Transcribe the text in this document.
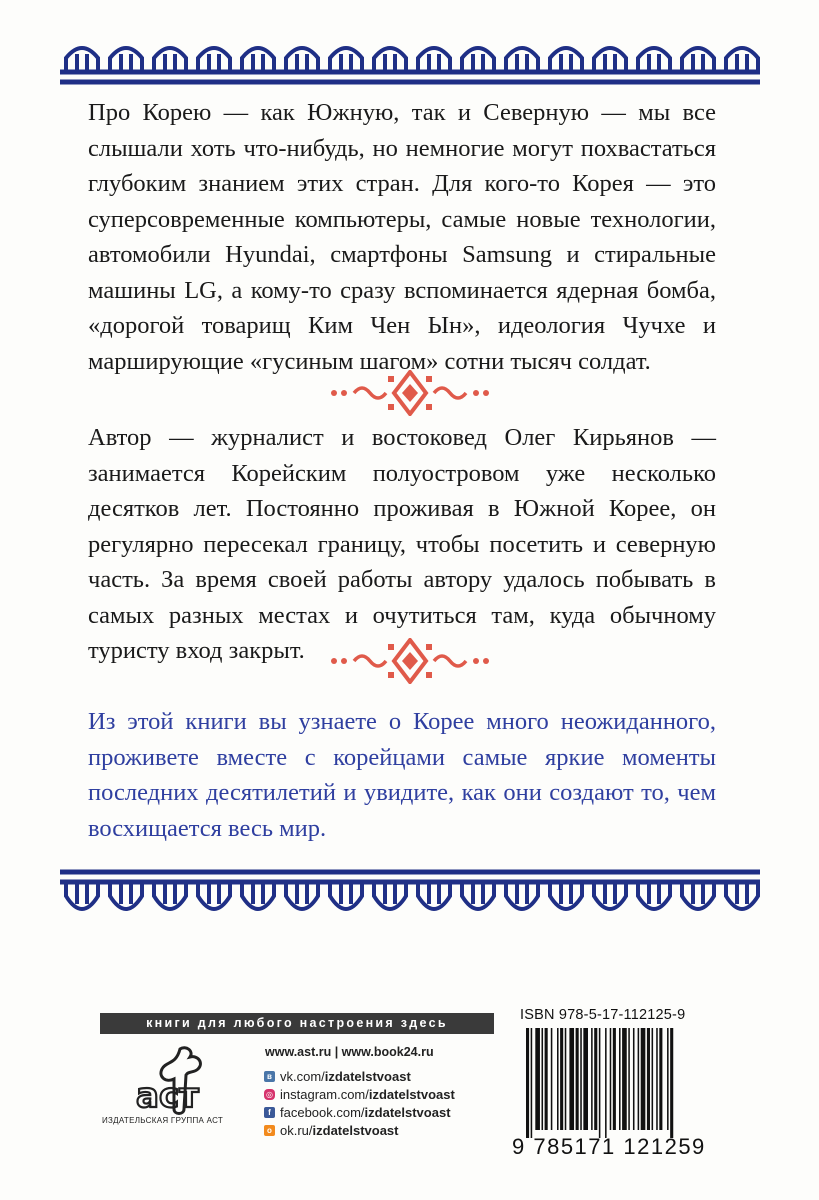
Про Корею — как Южную, так и Северную — мы все слышали хоть что-нибудь, но немногие могут похвастаться глубоким знанием этих стран. Для кого-то Корея — это суперсовременные компьютеры, самые новые технологии, автомобили Hyundai, смартфоны Samsung и стиральные машины LG, а кому-то сразу вспоминается ядерная бомба, «дорогой товарищ Ким Чен Ын», идеология Чучхе и марширующие «гусиным шагом» сотни тысяч солдат.

Автор — журналист и востоковед Олег Кирьянов — занимается Корейским полуостровом уже несколько десятков лет. Постоянно проживая в Южной Корее, он регулярно пересекал границу, чтобы посетить и северную часть. За время своей работы автору удалось побывать в самых разных местах и очутиться там, куда обычному туристу вход закрыт.

Из этой книги вы узнаете о Корее много неожиданного, проживете вместе с корейцами самые яркие моменты последних десятилетий и увидите, как они создают то, чем восхищается весь мир.

книги для любого настроения здесь
аст
ИЗДАТЕЛЬСКАЯ ГРУППА АСТ
www.ast.ru | www.book24.ru
в vk.com/ izdatelstvoast
◎ instagram.com/ izdatelstvoast
f facebook.com/ izdatelstvoast
о ok.ru/ izdatelstvoast
ISBN 978-5-17-112125-9
9 785171 121259
